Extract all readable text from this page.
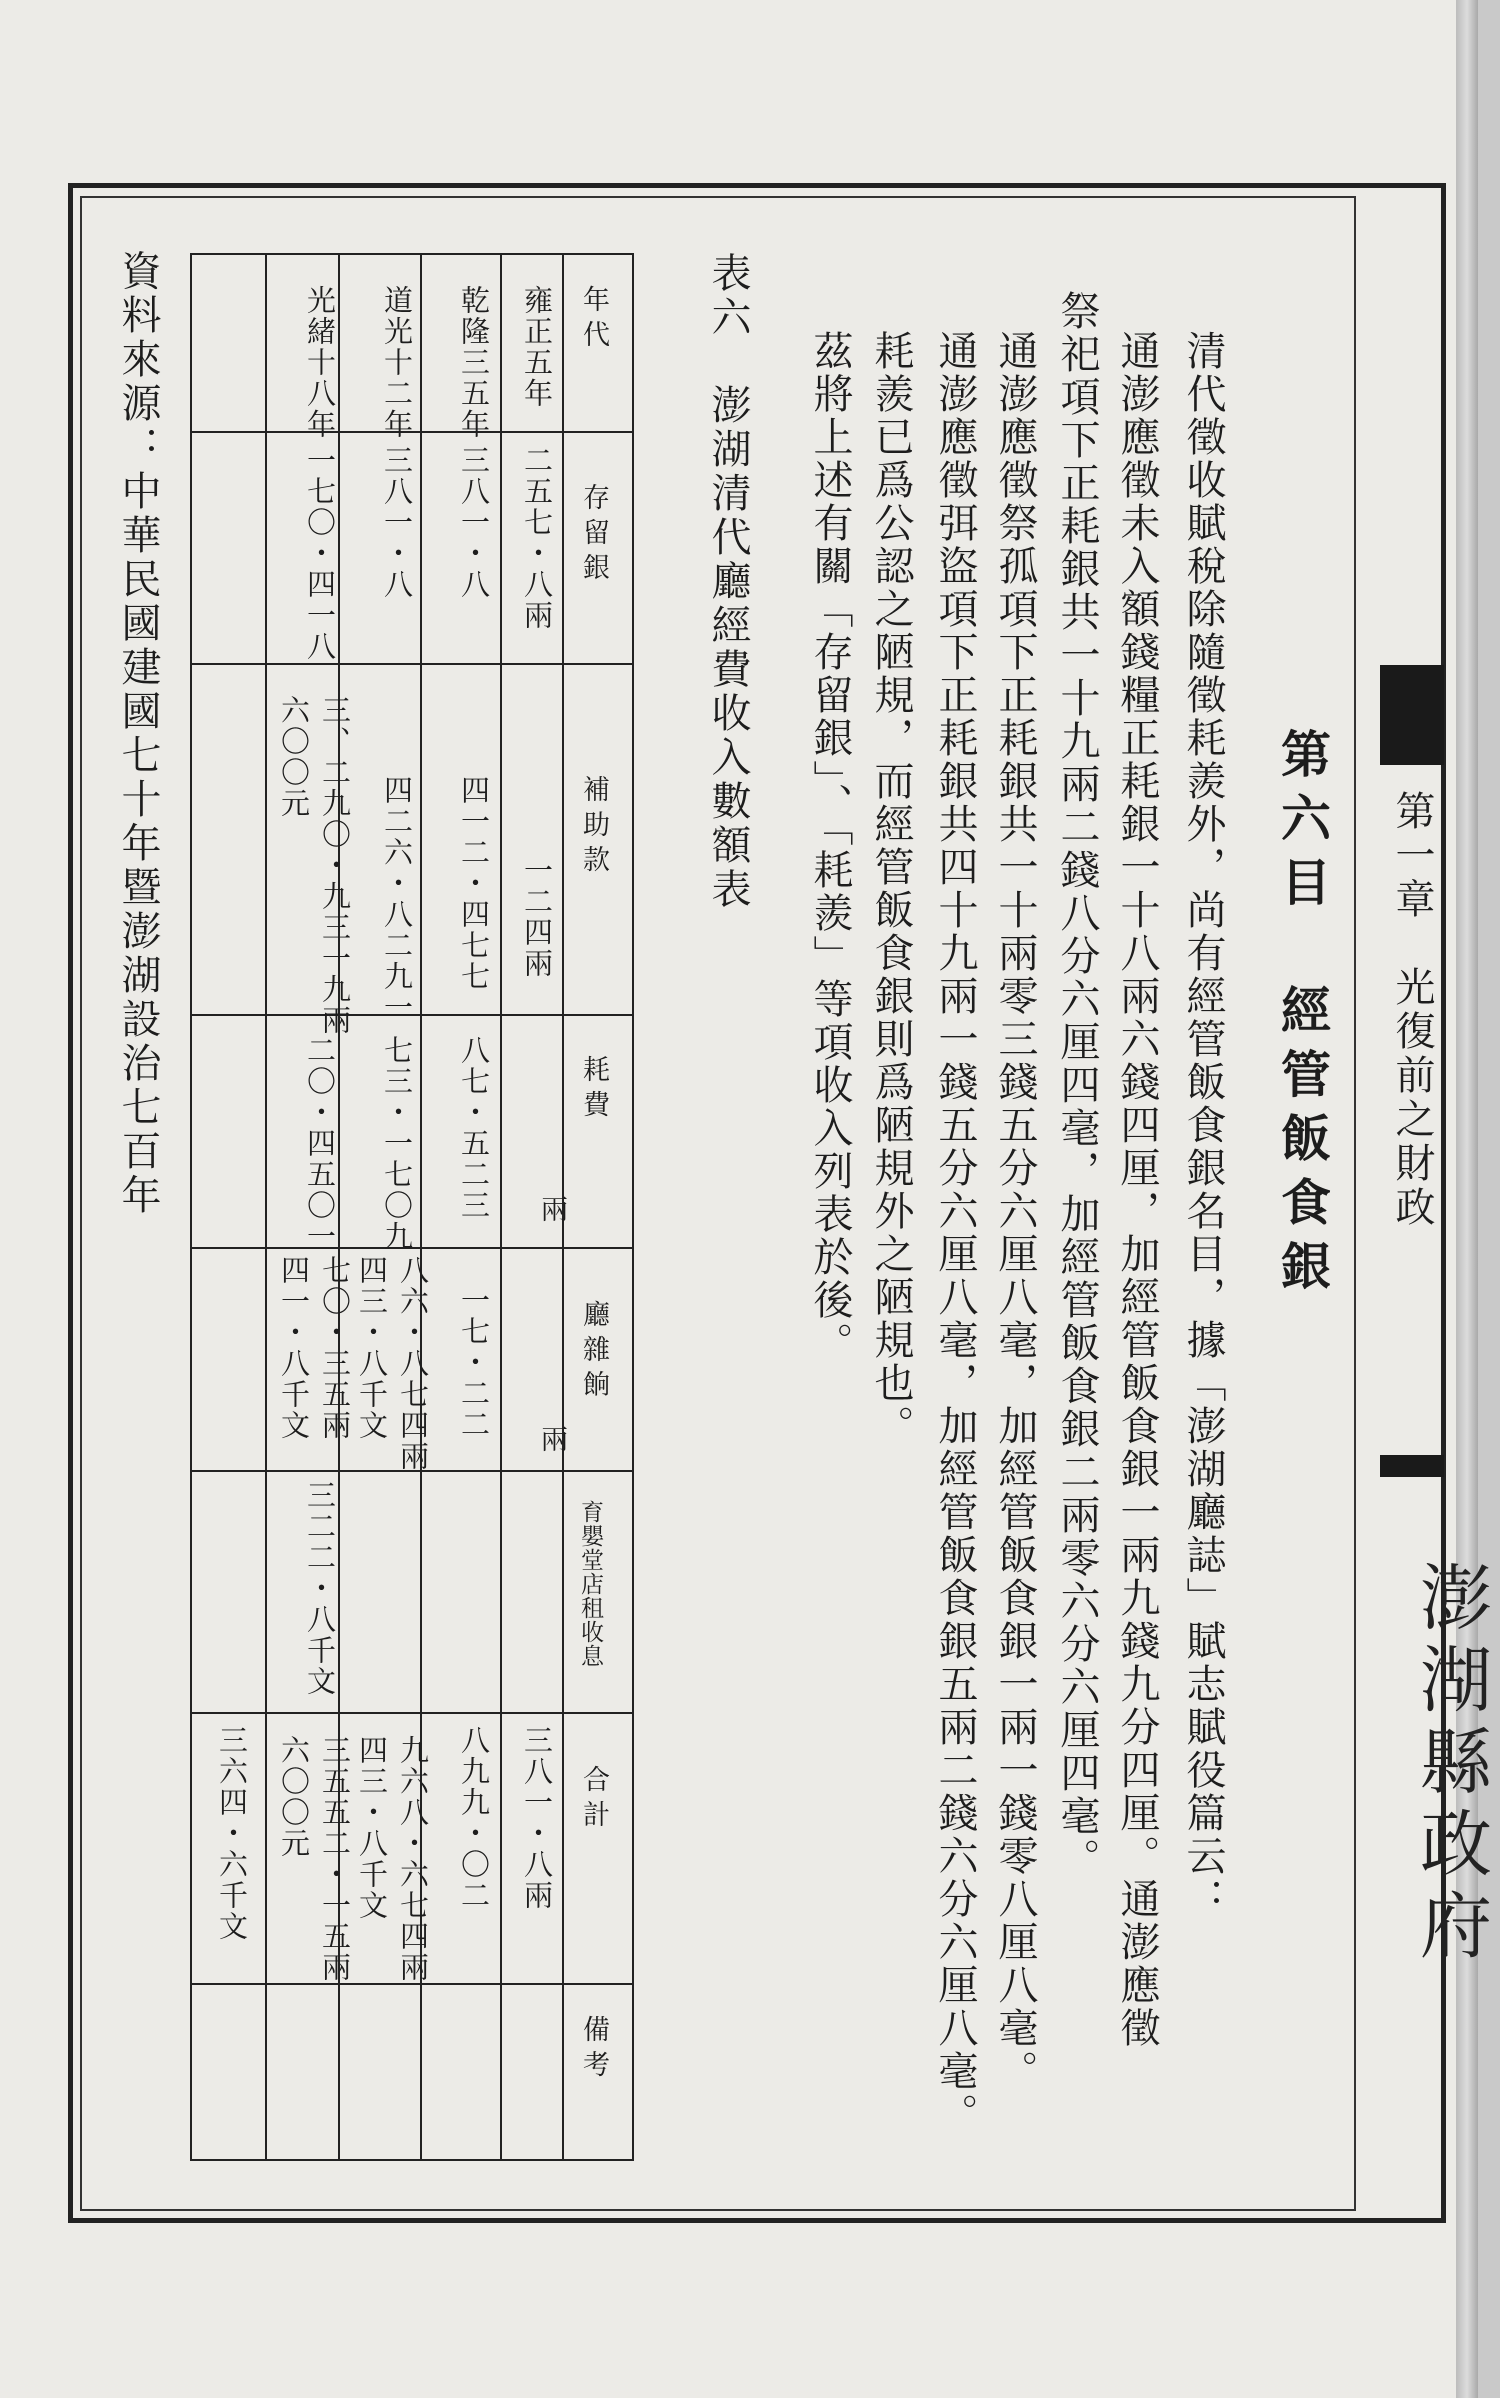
第一章　光復前之財政
澎湖縣政府
第六目　經管飯食銀
清代徵收賦稅除隨徵耗羨外，尚有經管飯食銀名目，據「澎湖廳誌」賦志賦役篇云：
通澎應徵未入額錢糧正耗銀一十八兩六錢四厘，加經管飯食銀一兩九錢九分四厘。通澎應徵
祭祀項下正耗銀共一十九兩二錢八分六厘四毫，加經管飯食銀二兩零六分六厘四毫。
通澎應徵祭孤項下正耗銀共一十兩零三錢五分六厘八毫，加經管飯食銀一兩一錢零八厘八毫。
通澎應徵弭盜項下正耗銀共四十九兩一錢五分六厘八毫，加經管飯食銀五兩二錢六分六厘八毫。
耗羨已爲公認之陋規，而經管飯食銀則爲陋規外之陋規也。
茲將上述有關「存留銀」、「耗羨」等項收入列表於後。
表六　澎湖清代廳經費收入數額表
年代
存留銀
補助款
耗費
廳雜餉
育嬰堂店租收息
合計
備考
兩
兩
雍正五年
二五七・八兩
一二四兩
三八一・八兩
乾隆三五年
三八一・八
四一二・四七七
八七・五二三
一七・二二
八九九・〇二
道光十二年
三八一・八
四二六・八二九一
七三・一七〇九
八六・八七四兩
四三・八千文
九六八・六七四兩
四三・八千文
光緒十八年
一七〇・四一八
三、二九〇・九三一九兩
六〇〇元
二〇・四五〇一
七〇・三五兩
四一・八千文
三二二・八千文
三五五二・一五兩
六〇〇元
三六四・六千文
資料來源：中華民國建國七十年暨澎湖設治七百年
